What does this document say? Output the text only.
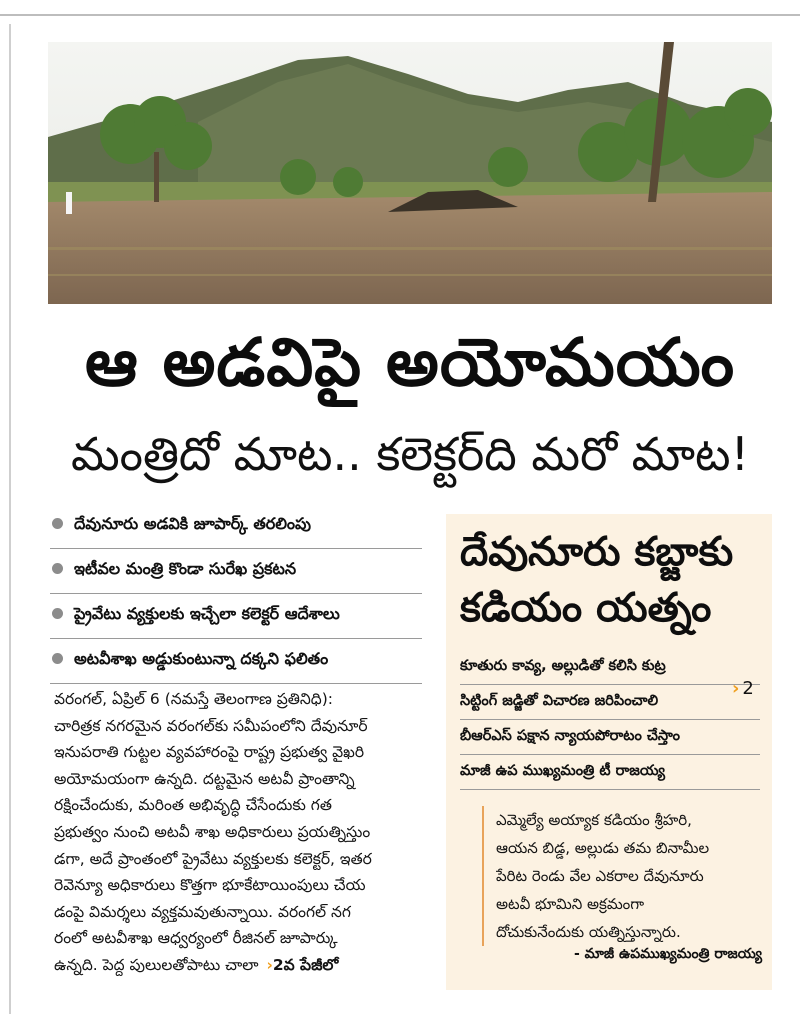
ఆ అడవిపై అయోమయం
మంత్రిదో మాట.. కలెక్టర్‌ది మరో మాట!
దేవునూరు అడవికి జూపార్క్‌ తరలింపు
ఇటీవల మంత్రి కొండా సురేఖ ప్రకటన
ప్రైవేటు వ్యక్తులకు ఇచ్చేలా కలెక్టర్‌ ఆదేశాలు
అటవీశాఖ అడ్డుకుంటున్నా దక్కని ఫలితం
వరంగల్‌, ఏప్రిల్‌ 6 (నమస్తే తెలంగాణ ప్రతినిధి):
చారిత్రక నగరమైన వరంగల్‌కు సమీపంలోని దేవునూర్‌
ఇనుపరాతి గుట్టల వ్యవహారంపై రాష్ట్ర ప్రభుత్వ వైఖరి
అయోమయంగా ఉన్నది. దట్టమైన అటవీ ప్రాంతాన్ని
రక్షించేందుకు, మరింత అభివృద్ధి చేసేందుకు గత
ప్రభుత్వం నుంచి అటవీ శాఖ అధికారులు ప్రయత్నిస్తుం
డగా, అదే ప్రాంతంలో ప్రైవేటు వ్యక్తులకు కలెక్టర్‌, ఇతర
రెవెన్యూ అధికారులు కొత్తగా భూకేటాయింపులు చేయ
డంపై విమర్శలు వ్యక్తమవుతున్నాయి. వరంగల్‌ నగ
రంలో అటవీశాఖ ఆధ్వర్యంలో రీజినల్‌ జూపార్కు
ఉన్నది. పెద్ద పులులతోపాటు చాలా ›2వ పేజీలో
దేవునూరు కబ్జాకు
కడియం యత్నం
కూతురు కావ్య, అల్లుడితో కలిసి కుట్ర
సిట్టింగ్‌ జడ్జితో విచారణ జరిపించాలి
బీఆర్‌ఎస్‌ పక్షాన న్యాయపోరాటం చేస్తాం
మాజీ ఉప ముఖ్యమంత్రి టీ రాజయ్య
› 2
ఎమ్మెల్యే అయ్యాక కడియం శ్రీహరి,
ఆయన బిడ్డ, అల్లుడు తమ బినామీల
పేరిట రెండు వేల ఎకరాల దేవునూరు
అటవీ భూమిని అక్రమంగా
దోచుకునేందుకు యత్నిస్తున్నారు.
- మాజీ ఉపముఖ్యమంత్రి రాజయ్య
